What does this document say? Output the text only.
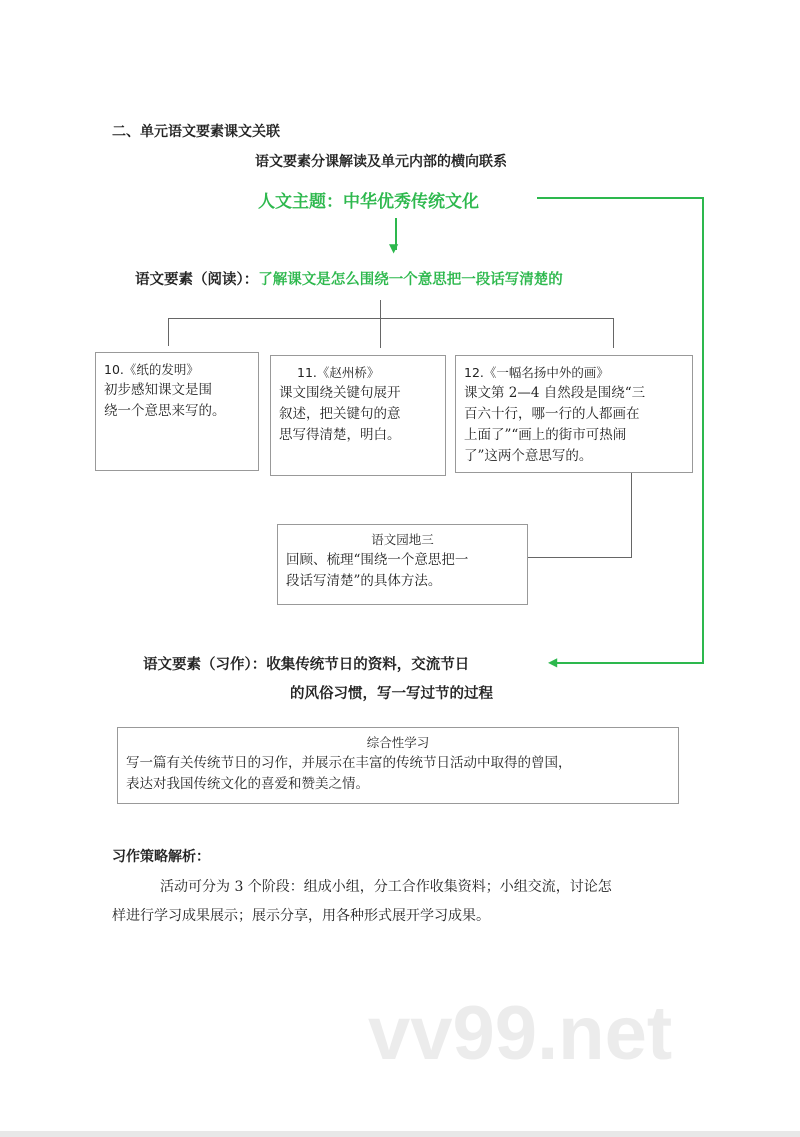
二、单元语文要素课文关联
语文要素分课解读及单元内部的横向联系
人文主题：中华优秀传统文化
▼
语文要素（阅读）：了解课文是怎么围绕一个意思把一段话写清楚的
10.《纸的发明》
初步感知课文是围
绕一个意思来写的。
11.《赵州桥》
课文围绕关键句展开
叙述，把关键句的意
思写得清楚，明白。
12.《一幅名扬中外的画》
课文第 2—4 自然段是围绕“三
百六十行，哪一行的人都画在
上面了”“画上的街市可热闹
了”这两个意思写的。
语文园地三
回顾、梳理“围绕一个意思把一
段话写清楚”的具体方法。
◀
语文要素（习作）：收集传统节日的资料，交流节日
的风俗习惯，写一写过节的过程
综合性学习
写一篇有关传统节日的习作，并展示在丰富的传统节日活动中取得的曾国，
表达对我国传统文化的喜爱和赞美之情。
习作策略解析：
活动可分为 3 个阶段：组成小组，分工合作收集资料；小组交流，讨论怎
样进行学习成果展示；展示分享，用各种形式展开学习成果。
vv99.net
